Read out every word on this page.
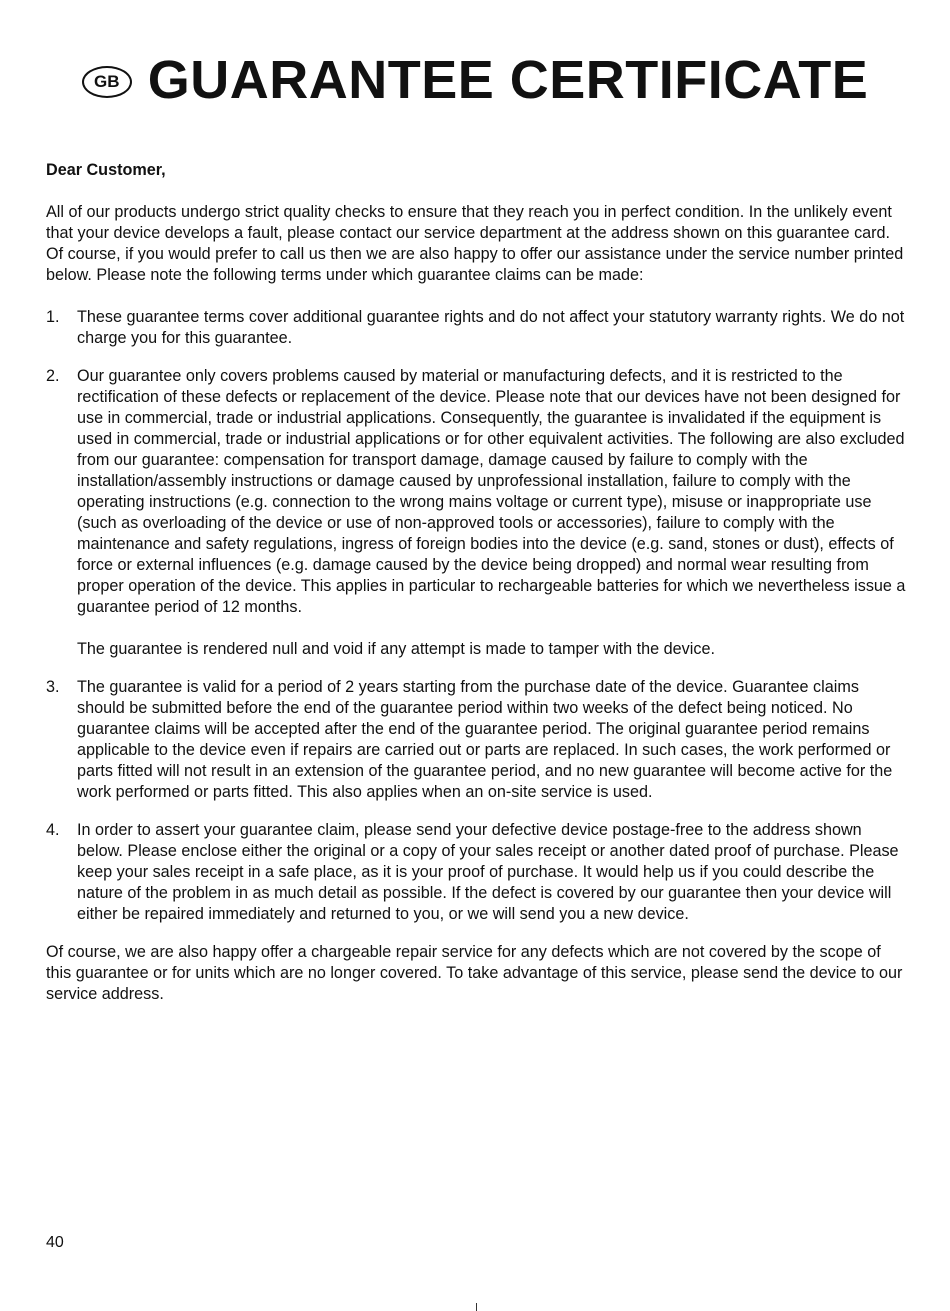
GB GUARANTEE CERTIFICATE

Dear Customer,

All of our products undergo strict quality checks to ensure that they reach you in perfect condition. In the unlikely event that your device develops a fault, please contact our service department at the address shown on this guarantee card. Of course, if you would prefer to call us then we are also happy to offer our assistance under the service number printed below. Please note the following terms under which guarantee claims can be made:

1. These guarantee terms cover additional guarantee rights and do not affect your statutory warranty rights. We do not charge you for this guarantee.

2. Our guarantee only covers problems caused by material or manufacturing defects, and it is restricted to the rectification of these defects or replacement of the device. Please note that our devices have not been designed for use in commercial, trade or industrial applications. Consequently, the guarantee is invalidated if the equipment is used in commercial, trade or industrial applications or for other equivalent activities. The following are also excluded from our guarantee: compensation for transport damage, damage caused by failure to comply with the installation/assembly instructions or damage caused by unprofessional installation, failure to comply with the operating instructions (e.g. connection to the wrong mains voltage or current type), misuse or inappropriate use (such as overloading of the device or use of non-approved tools or accessories), failure to comply with the maintenance and safety regulations, ingress of foreign bodies into the device (e.g. sand, stones or dust), effects of force or external influences (e.g. damage caused by the device being dropped) and normal wear resulting from proper operation of the device. This applies in particular to rechargeable batteries for which we nevertheless issue a guarantee period of 12 months.

The guarantee is rendered null and void if any attempt is made to tamper with the device.

3. The guarantee is valid for a period of 2 years starting from the purchase date of the device. Guarantee claims should be submitted before the end of the guarantee period within two weeks of the defect being noticed. No guarantee claims will be accepted after the end of the guarantee period. The original guarantee period remains applicable to the device even if repairs are carried out or parts are replaced. In such cases, the work performed or parts fitted will not result in an extension of the guarantee period, and no new guarantee will become active for the work performed or parts fitted. This also applies when an on-site service is used.

4. In order to assert your guarantee claim, please send your defective device postage-free to the address shown below. Please enclose either the original or a copy of your sales receipt or another dated proof of purchase. Please keep your sales receipt in a safe place, as it is your proof of purchase. It would help us if you could describe the nature of the problem in as much detail as possible. If the defect is covered by our guarantee then your device will either be repaired immediately and returned to you, or we will send you a new device.

Of course, we are also happy offer a chargeable repair service for any defects which are not covered by the scope of this guarantee or for units which are no longer covered. To take advantage of this service, please send the device to our service address.

40
